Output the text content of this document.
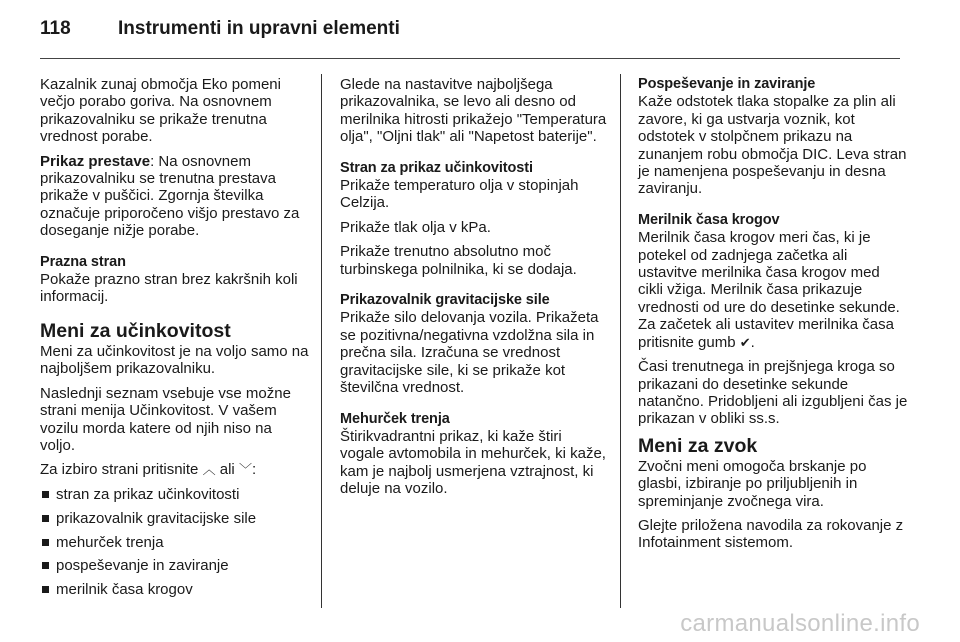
118	Instrumenti in upravni elementi

Kazalnik zunaj območja Eko pomeni večjo porabo goriva. Na osnovnem prikazovalniku se prikaže trenutna vrednost porabe.

Prikaz prestave: Na osnovnem prikazovalniku se trenutna prestava prikaže v puščici. Zgornja številka označuje priporočeno višjo prestavo za doseganje nižje porabe.

Prazna stran

Pokaže prazno stran brez kakršnih koli informacij.

Meni za učinkovitost

Meni za učinkovitost je na voljo samo na najboljšem prikazovalniku.

Naslednji seznam vsebuje vse možne strani menija Učinkovitost. V vašem vozilu morda katere od njih niso na voljo.

Za izbiro strani pritisnite ︿ ali ﹀:

stran za prikaz učinkovitosti
prikazovalnik gravitacijske sile
mehurček trenja
pospeševanje in zaviranje
merilnik časa krogov

Glede na nastavitve najboljšega prikazovalnika, se levo ali desno od merilnika hitrosti prikažejo "Temperatura olja", "Oljni tlak" ali "Napetost baterije".

Stran za prikaz učinkovitosti

Prikaže temperaturo olja v stopinjah Celzija.

Prikaže tlak olja v kPa.

Prikaže trenutno absolutno moč turbinskega polnilnika, ki se dodaja.

Prikazovalnik gravitacijske sile

Prikaže silo delovanja vozila. Prikažeta se pozitivna/negativna vzdolžna sila in prečna sila. Izračuna se vrednost gravitacijske sile, ki se prikaže kot številčna vrednost.

Mehurček trenja

Štirikvadrantni prikaz, ki kaže štiri vogale avtomobila in mehurček, ki kaže, kam je najbolj usmerjena vztrajnost, ki deluje na vozilo.

Pospeševanje in zaviranje

Kaže odstotek tlaka stopalke za plin ali zavore, ki ga ustvarja voznik, kot odstotek v stolpčnem prikazu na zunanjem robu območja DIC. Leva stran je namenjena pospeševanju in desna zaviranju.

Merilnik časa krogov

Merilnik časa krogov meri čas, ki je potekel od zadnjega začetka ali ustavitve merilnika časa krogov med cikli vžiga. Merilnik časa prikazuje vrednosti od ure do desetinke sekunde. Za začetek ali ustavitev merilnika časa pritisnite gumb ✔.

Časi trenutnega in prejšnjega kroga so prikazani do desetinke sekunde natančno. Pridobljeni ali izgubljeni čas je prikazan v obliki ss.s.

Meni za zvok

Zvočni meni omogoča brskanje po glasbi, izbiranje po priljubljenih in spreminjanje zvočnega vira.

Glejte priložena navodila za rokovanje z Infotainment sistemom.

carmanualsonline.info
